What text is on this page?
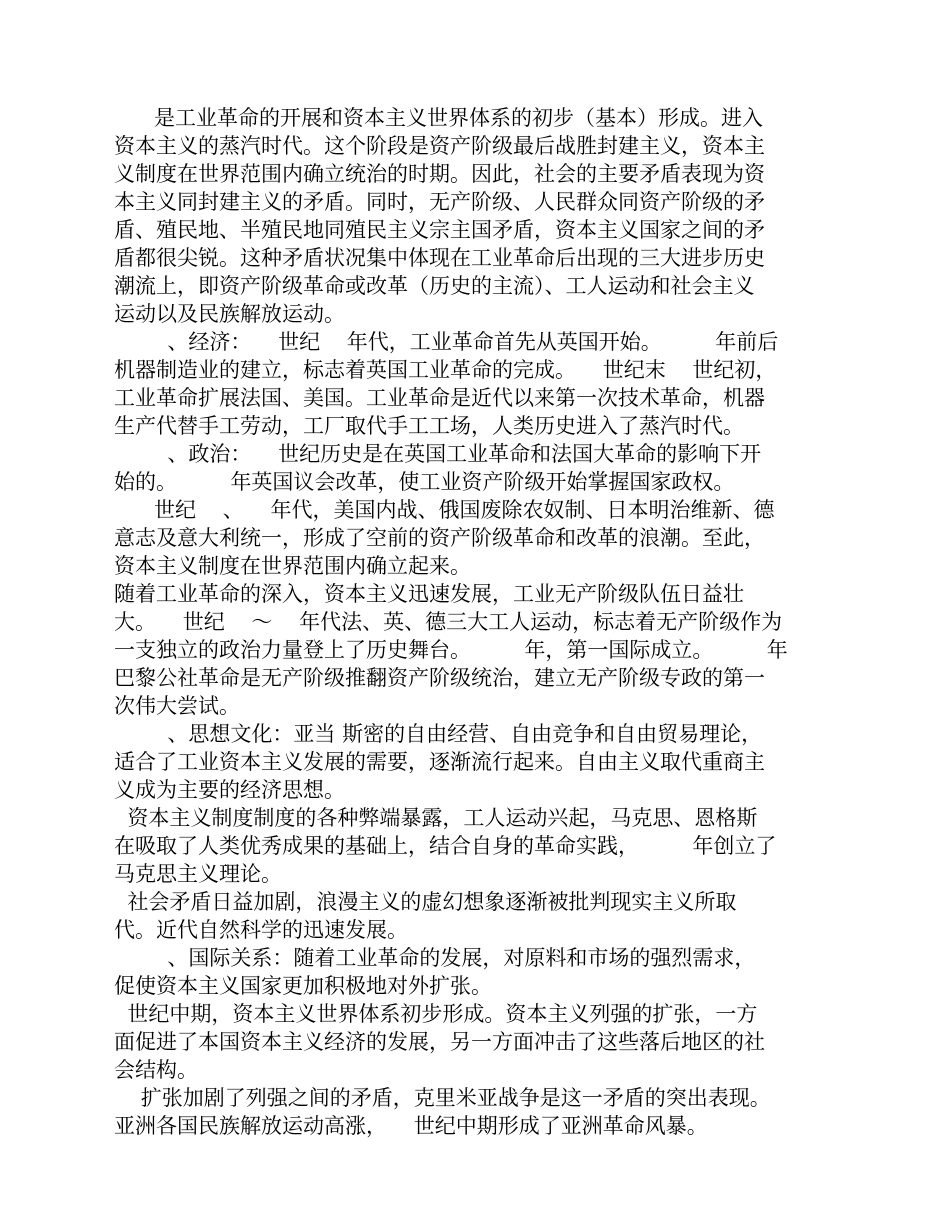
是工业革命的开展和资本主义世界体系的初步（基本）形成。进入
资本主义的蒸汽时代。这个阶段是资产阶级最后战胜封建主义，资本主
义制度在世界范围内确立统治的时期。因此，社会的主要矛盾表现为资
本主义同封建主义的矛盾。同时，无产阶级、人民群众同资产阶级的矛
盾、殖民地、半殖民地同殖民主义宗主国矛盾，资本主义国家之间的矛
盾都很尖锐。这种矛盾状况集中体现在工业革命后出现的三大进步历史
潮流上，即资产阶级革命或改革（历史的主流）、工人运动和社会主义
运动以及民族解放运动。
、经济：    世纪    年代，工业革命首先从英国开始。        年前后
机器制造业的建立，标志着英国工业革命的完成。    世纪末    世纪初，
工业革命扩展法国、美国。工业革命是近代以来第一次技术革命，机器
生产代替手工劳动，工厂取代手工工场，人类历史进入了蒸汽时代。
、政治：    世纪历史是在英国工业革命和法国大革命的影响下开
始的。        年英国议会改革，使工业资产阶级开始掌握国家政权。
世纪    、    年代，美国内战、俄国废除农奴制、日本明治维新、德
意志及意大利统一，形成了空前的资产阶级革命和改革的浪潮。至此，
资本主义制度在世界范围内确立起来。
随着工业革命的深入，资本主义迅速发展，工业无产阶级队伍日益壮
大。    世纪    ～    年代法、英、德三大工人运动，标志着无产阶级作为
一支独立的政治力量登上了历史舞台。        年，第一国际成立。        年
巴黎公社革命是无产阶级推翻资产阶级统治，建立无产阶级专政的第一
次伟大尝试。
、思想文化：亚当 斯密的自由经营、自由竞争和自由贸易理论，
适合了工业资本主义发展的需要，逐渐流行起来。自由主义取代重商主
义成为主要的经济思想。
资本主义制度制度的各种弊端暴露，工人运动兴起，马克思、恩格斯
在吸取了人类优秀成果的基础上，结合自身的革命实践，        年创立了
马克思主义理论。
社会矛盾日益加剧，浪漫主义的虚幻想象逐渐被批判现实主义所取
代。近代自然科学的迅速发展。
、国际关系：随着工业革命的发展，对原料和市场的强烈需求，
促使资本主义国家更加积极地对外扩张。
世纪中期，资本主义世界体系初步形成。资本主义列强的扩张，一方
面促进了本国资本主义经济的发展，另一方面冲击了这些落后地区的社
会结构。
扩张加剧了列强之间的矛盾，克里米亚战争是这一矛盾的突出表现。
亚洲各国民族解放运动高涨，    世纪中期形成了亚洲革命风暴。
